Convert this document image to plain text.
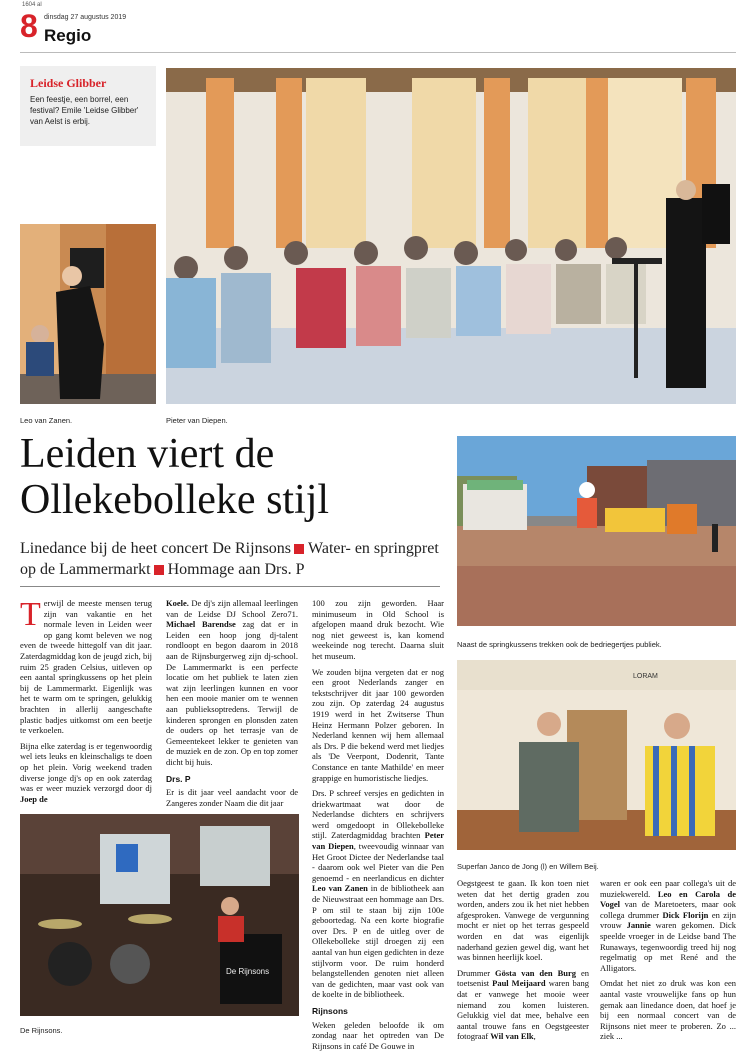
1604 al
8 dinsdag 27 augustus 2019
Regio
Leidse Glibber
Een feestje, een borrel, een festival? Emile 'Leidse Glibber' van Aelst is erbij.
Leo van Zanen.	Pieter van Diepen.
Leiden viert de
Ollekebolleke stijl
Linedance bij de heet concert De Rijnsons Water- en springpret op de Lammermarkt Hommage aan Drs. P
Naast de springkussens trekken ook de bedriegertjes publiek.
LORAM
Superfan Janco de Jong (l) en Willem Beij.
De Rijnsons
De Rijnsons.

Terwijl de meeste mensen terug zijn van vakantie en het normale leven in Leiden weer op gang komt beleven we nog even de tweede hittegolf van dit jaar. Zaterdagmiddag kon de jeugd zich, bij ruim 25 graden Celsius, uitleven op een aantal springkussens op het plein bij de Lammermarkt. Eigenlijk was het te warm om te springen, gelukkig brachten in allerlij aangeschafte plastic badjes uitkomst om een beetje te verkoelen.

Bijna elke zaterdag is er tegenwoordig wel iets leuks en kleinschaligs te doen op het plein. Vorig weekend traden diverse jonge dj's op en ook zaterdag was er weer muziek verzorgd door dj Joep de

Koele. De dj's zijn allemaal leerlingen van de Leidse DJ School Zero71. Michael Barendse zag dat er in Leiden een hoop jong dj-talent rondloopt en begon daarom in 2018 aan de Rijnsburgerweg zijn dj-school. De Lammermarkt is een perfecte locatie om het publiek te laten zien wat zijn leerlingen kunnen en voor hen een mooie manier om te wennen aan publieksoptredens. Terwijl de kinderen sprongen en plonsden zaten de ouders op het terrasje van de Gemeentekeet lekker te genieten van de muziek en de zon. Op en top zomer dicht bij huis.

Drs. P

Er is dit jaar veel aandacht voor de Zangeres zonder Naam die dit jaar

100 zou zijn geworden. Haar minimuseum in Old School is afgelopen maand druk bezocht. Wie nog niet geweest is, kan komend weekeinde nog terecht. Daarna sluit het museum.

We zouden bijna vergeten dat er nog een groot Nederlands zanger en tekstschrijver dit jaar 100 geworden zou zijn. Op zaterdag 24 augustus 1919 werd in het Zwitserse Thun Heinz Hermann Polzer geboren. In Nederland kennen wij hem allemaal als Drs. P die bekend werd met liedjes als 'De Veerpont, Dodenrit, Tante Constance en tante Mathilde' en meer grappige en humoristische liedjes.

Drs. P schreef versjes en gedichten in driekwartmaat wat door de Nederlandse dichters en schrijvers werd omgedoopt in Ollekebolleke stijl. Zaterdagmiddag brachten Peter van Diepen, tweevoudig winnaar van Het Groot Dictee der Nederlandse taal - daarom ook wel Pieter van die Pen genoemd - en neerlandicus en dichter Leo van Zanen in de bibliotheek aan de Nieuwstraat een hommage aan Drs. P om stil te staan bij zijn 100e geboortedag. Na een korte biografie over Drs. P en de uitleg over de Ollekebolleke stijl droegen zij een aantal van hun eigen gedichten in deze stijlvorm voor. De ruim honderd belangstellenden genoten niet alleen van de gedichten, maar vast ook van de koelte in de bibliotheek.

Rijnsons

Weken geleden beloofde ik om zondag naar het optreden van De Rijnsons in café De Gouwe in

Oegstgeest te gaan. Ik kon toen niet weten dat het dertig graden zou worden, anders zou ik het niet hebben afgesproken. Vanwege de vergunning mocht er niet op het terras gespeeld worden en dat was eigenlijk naderhand gezien gewel dig, want het was binnen heerlijk koel.

Drummer Gösta van den Burg en toetsenist Paul Meijaard waren bang dat er vanwege het mooie weer niemand zou komen luisteren. Gelukkig viel dat mee, behalve een aantal trouwe fans en Oegstgeester fotograaf Wil van Elk,

waren er ook een paar collega's uit de muziekwereld. Leo en Carola de Vogel van de Maretoeters, maar ook collega drummer Dick Florijn en zijn vrouw Jannie waren gekomen. Dick speelde vroeger in de Leidse band The Runaways, tegenwoordig treed hij nog regelmatig op met René and the Alligators.

Omdat het niet zo druk was kon een aantal vaste vrouwelijke fans op hun gemak aan linedance doen, dat hoef je bij een normaal concert van de Rijnsons niet meer te proberen. Zo ... ziek ...
